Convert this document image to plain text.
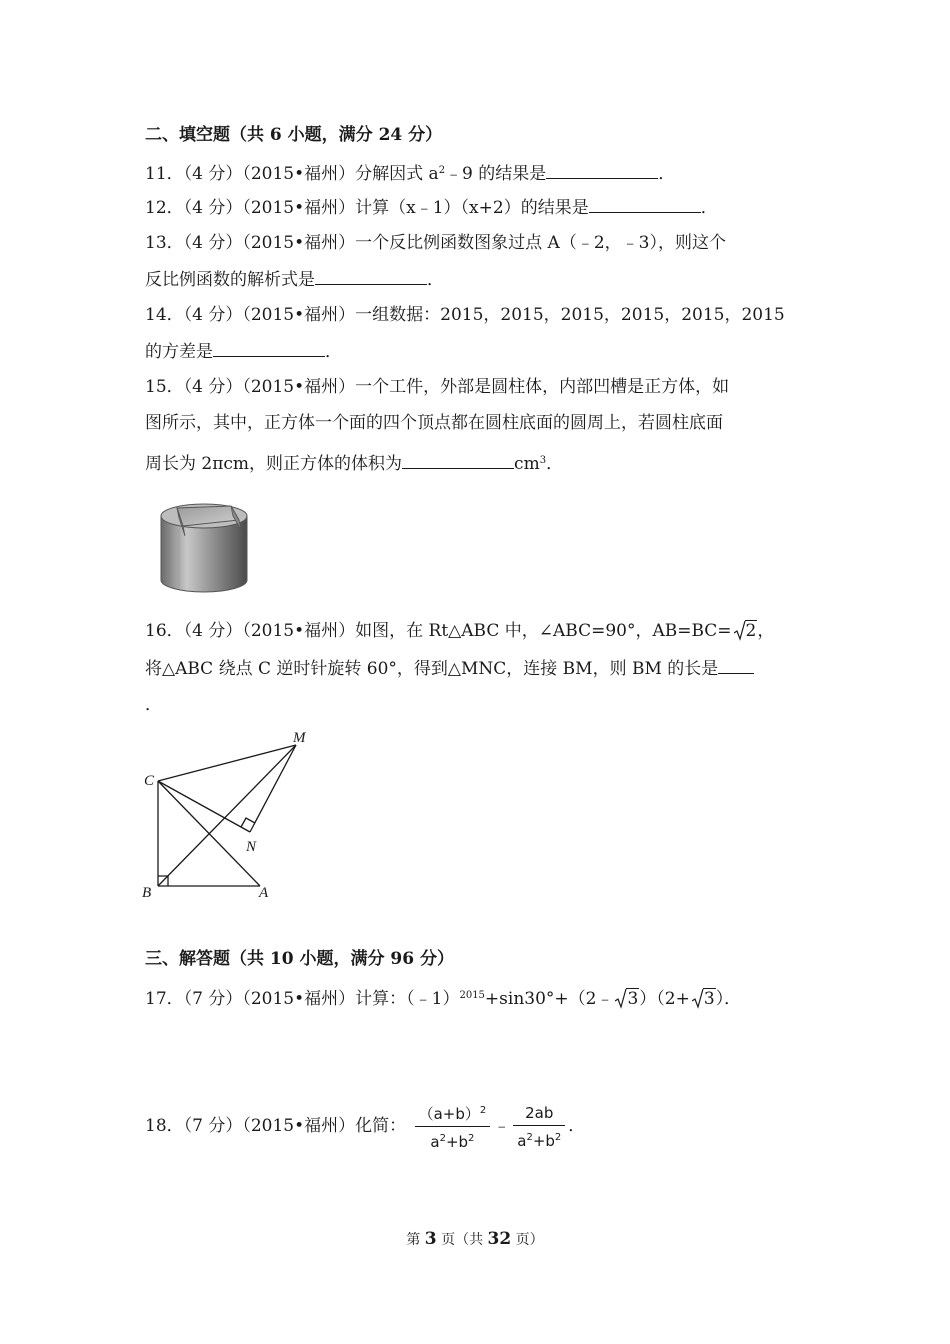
二、填空题（共 6 小题，满分 24 分）
11．（4 分）（2015•福州）分解因式 $a^2﹣9$ 的结果是	．
12．（4 分）（2015•福州）计算（x﹣1）（x+2）的结果是	．
13．（4 分）（2015•福州）一个反比例函数图象过点 A（﹣2，﹣3），则这个
反比例函数的解析式是	．
14．（4 分）（2015•福州）一组数据：2015，2015，2015，2015，2015，2015
的方差是	．
15．（4 分）（2015•福州）一个工件，外部是圆柱体，内部凹槽是正方体，如
图所示，其中，正方体一个面的四个顶点都在圆柱底面的圆周上，若圆柱底面
周长为 2πcm，则正方体的体积为	$cm^3$．
16．（4 分）（2015•福州）如图，在 Rt△ABC 中，∠ABC=90°，AB=BC= 2，
将△ABC 绕点 C 逆时针旋转 60°，得到△MNC，连接 BM，则 BM 的长是
．
M
C
N
B	A
三、解答题（共 10 小题，满分 96 分）
17．（7 分）（2015•福州）计算：（﹣1）$^{2015}$+sin30°+（2﹣ 3）（2+ 3）．
18．（7 分）（2015•福州）化简： $\frac{(a+b)^2}{a^2+b^2}$ ﹣ $\frac{2ab}{a^2+b^2}$ ．
第 3 页（共 32 页）
